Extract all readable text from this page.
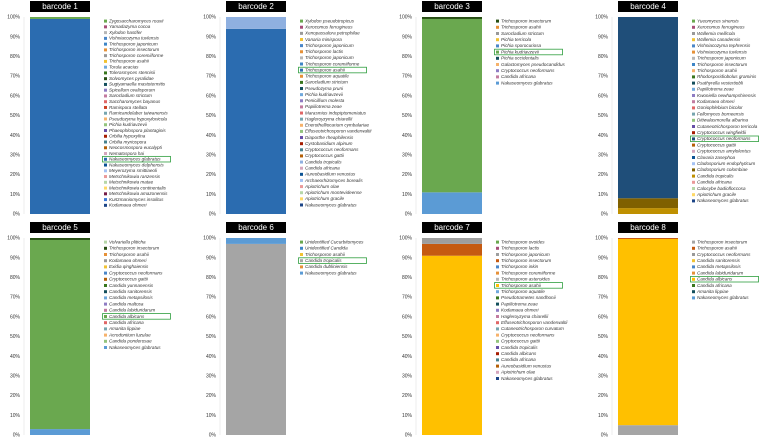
barcode 1
0%
10%
20%
30%
40%
50%
60%
70%
80%
90%
100%
Zygosaccharomyces rouxii
Yamadazyma cocoa
Xylodon hastifer
Vishniacozyma tuvlensis
Trichosporon japonicum
Trichosporon insectorum
Trichosporon coremiiforme
Trichosporon asahii
Torula acacias
Tolerasmyces stennisii
Solvomyces pyralidae
Sugiyamaella mastotermitis
Spicellum ovalisporum
Sarocladium strictum
Saccharomyces bayanus
Ramispora stellata
Ramicandelaber taiwanensis
Pseudozyma hypoxylonicola
Pichia kudriavzevii
Phaeophlospora plantaginis
Orbilia hypoxylina
Orbilia myriospora
Neocosmospora eucalypti
Nematospora hai
Nakaseomyces glabratus
Nakaseomyces delphensis
Meyerozyma smittiaeoli
Metschnikowia ranzensis
Metschnikowia matae
Metschnikowia continentalis
Metschnikowia amazonensis
Kurtzmaniomyces insolitus
Kodamaea ohmeri
barcode 2
0%
10%
20%
30%
40%
50%
60%
70%
80%
90%
100%
Xylodon pseudotropicus
Xerocomus ferrugineus
Xenopassalora petrophilae
Vanaria minispora
Trichosporon japonicum
Trichosporon lactis
Trichosporon japonicum
Trichosporon coremiiforme
Trichosporon asahii
Trichosporon aquatile
Sarocladium strictum
Pseudozyma pruni
Pichia kudriavzevii
Penicillium molesta
Papiliotrema zeae
Marasmius indopiptomeniatus
Hagleroyzyma chiarellii
Enerothelliocarium cymbalariae
Effuseotrichosporon vanderwaltii
Diaporthe rheaphilensis
Cystobasidium alpinum
Cryptococcus neoformans
Cryptococcus gattii
Candida tropicalis
Candida africana
Aureobasidium venustus
Archaeorhizomyces borealis
Apiotrichum olae
Apiotrichum montevideense
Apiotrichum gracile
Nakaseomyces glabratus
barcode 3
0%
10%
20%
30%
40%
50%
60%
70%
80%
90%
100%
Trichosporon insectorum
Trichosporon asahii
Sarocladium strictum
Pichia terricola
Pichia sporocuriosa
Pichia kudriavzevii
Pichia occidentalis
Galactomyces pseudocandidus
Cryptococcus neoformans
Candida africana
Nakaseomyces glabratus
barcode 4
0%
10%
20%
30%
40%
50%
60%
70%
80%
90%
100%
Yueomyces sinensis
Xerocomus ferrugineus
Wallemia mellicola
Wallemia canadensis
Vishniacozyma tephrensis
Vishniacozyma tuvlensis
Trichosporon japonicum
Trichosporon insectorum
Trichosporon asahii
Rhodosporidiobolus graminis
Psathyrella vestertiobli
Papiliotrema zeae
Kwoniella newhampshirensis
Kodamaea ohmeri
Goniophlebium bicolor
Fellomyces borneensis
Ditiwalasmorella albarina
Cutaneotrichosporon terricola
Cryptococcus wingfieldii
Cryptococcus neoformans
Cryptococcus gattii
Cryptococcus amylolentus
Clavaria zasephoa
Cladosporium endophyticum
Cladosporium colombiae
Candida tropicalis
Candida africana
Calocybe badiofloccosa
Apiotrichum gracile
Nakaseomyces glabratus
barcode 5
0%
10%
20%
30%
40%
50%
60%
70%
80%
90%
100%
Volvariella pliticha
Trichosporon insectorum
Trichosporon asahii
Kodamaea ohmeri
Exidia qinghaiensis
Cryptococcus neoformans
Cryptococcus gattii
Candida yunnanensis
Candida sanitorensis
Candida metapsilosis
Candida maltosa
Candida labiduridarum
Candida albicans
Candida africana
Amanita lippiae
Acrodontium luzulae
Candida ponderosae
Nakaseomyces glabratus
barcode 6
0%
10%
20%
30%
40%
50%
60%
70%
80%
90%
100%
Unidentified Cucurbitomyces
Unidentified Candida
Trichosporon asahii
Candida tropicalis
Candida dubliniensis
Nakaseomyces glabratus
barcode 7
0%
10%
20%
30%
40%
50%
60%
70%
80%
90%
100%
Trichosporon ovoides
Trichosporon lactis
Trichosporon japonicum
Trichosporon insectorum
Trichosporon inkin
Trichosporon coremiiforme
Trichosporon asteroides
Trichosporon asahii
Trichosporon aquatile
Pseudotrametes nandhonii
Papiliotrema zeae
Kodamaea ohmeri
Hagleroyzyma chiarellii
Effuseotrichosporon vanderwaltii
Cutaneotrichosporon curvatum
Cryptococcus neoformans
Cryptococcus gattii
Candida tropicalis
Candida albicans
Candida africana
Aureobasidium venustus
Apiotrichum olae
Nakaseomyces glabratus
barcode 8
0%
10%
20%
30%
40%
50%
60%
70%
80%
90%
100%
Trichosporon insectorum
Trichosporon asahii
Cryptococcus neoformans
Candida sanitorensis
Candida metapsilosis
Candida labiduridarum
Candida albicans
Candida africana
Amanita lippiae
Nakaseomyces glabratus
